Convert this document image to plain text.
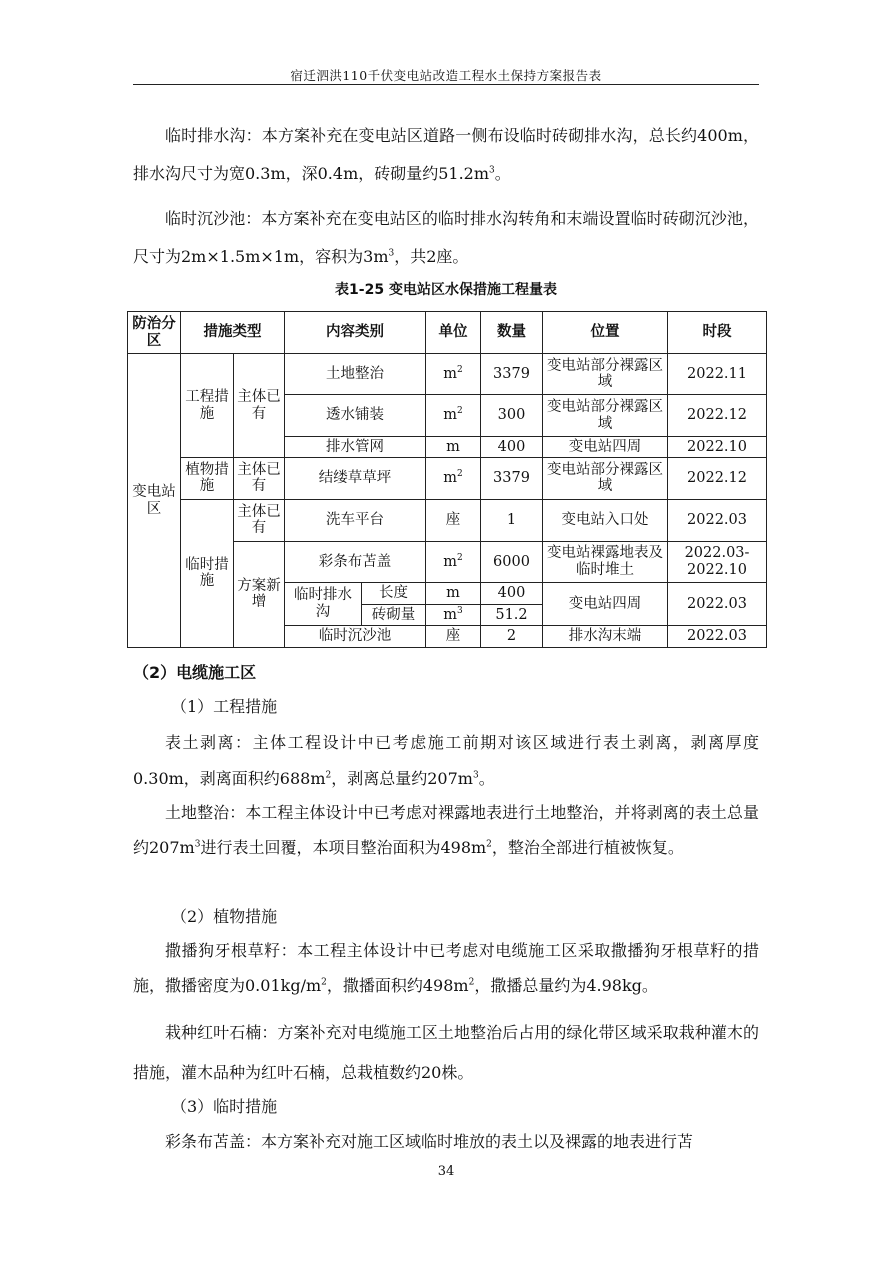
宿迁泗洪110千伏变电站改造工程水土保持方案报告表

临时排水沟：本方案补充在变电站区道路一侧布设临时砖砌排水沟，总长约400m，排水沟尺寸为宽0.3m，深0.4m，砖砌量约$51.2m^3$。

临时沉沙池：本方案补充在变电站区的临时排水沟转角和末端设置临时砖砌沉沙池，尺寸为2m×1.5m×1m，容积为$3m^3$，共2座。

表1-25 变电站区水保措施工程量表
防治分区	措施类型		内容类别		单位	数量	位置	时段
变电站区	工程措施	主体已有	土地整治		$m^2$	3379	变电站部分裸露区域	2022.11
			透水铺装		$m^2$	300	变电站部分裸露区域	2022.12
			排水管网		m	400	变电站四周	2022.10
	植物措施	主体已有	结缕草草坪		$m^2$	3379	变电站部分裸露区域	2022.12
	临时措施	主体已有	洗车平台		座	1	变电站入口处	2022.03
		方案新增	彩条布苫盖		$m^2$	6000	变电站裸露地表及临时堆土	2022.03-2022.10
			临时排水沟	长度	m	400	变电站四周	2022.03
				砖砌量	$m^3$	51.2		
			临时沉沙池		座	2	排水沟末端	2022.03
（2）电缆施工区
（1）工程措施

表土剥离：主体工程设计中已考虑施工前期对该区域进行表土剥离，剥离厚度0.30m，剥离面积约$688m^2$，剥离总量约$207m^3$。

土地整治：本工程主体设计中已考虑对裸露地表进行土地整治，并将剥离的表土总量约$207m^3$进行表土回覆，本项目整治面积为$498m^2$，整治全部进行植被恢复。

（2）植物措施

撒播狗牙根草籽：本工程主体设计中已考虑对电缆施工区采取撒播狗牙根草籽的措施，撒播密度为$0.01kg/m^2$，撒播面积约$498m^2$，撒播总量约为4.98kg。

栽种红叶石楠：方案补充对电缆施工区土地整治后占用的绿化带区域采取栽种灌木的措施，灌木品种为红叶石楠，总栽植数约20株。

（3）临时措施

彩条布苫盖：本方案补充对施工区域临时堆放的表土以及裸露的地表进行苫

34
